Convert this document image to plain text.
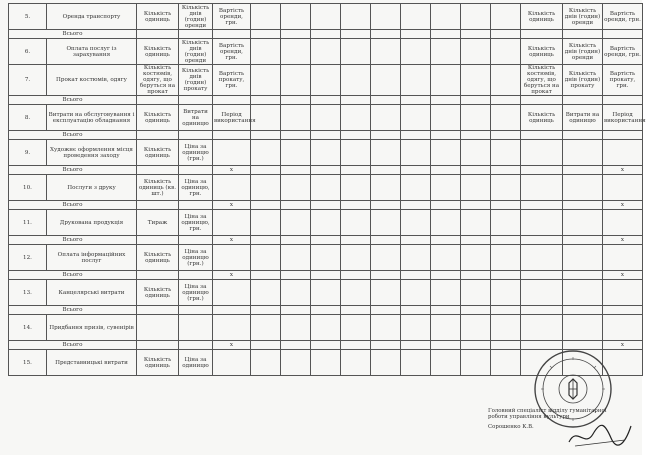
5.	Оренда транспорту	Кількість одиниць	Кількість днів (годин) оренди	Вартість оренди, грн.										Кількість одиниць	Кількість днів (годин) оренди	Вартість оренди, грн.
Всього																
6.	Оплата послуг із зарахування	Кількість одиниць	Кількість днів (годин) оренди	Вартість оренди, грн.										Кількість одиниць	Кількість днів (годин) оренди	Вартість оренди, грн.
7.	Прокат костюмів, одягу	Кількість костюмів, одягу, що беруться на прокат	Кількість днів (годин) прокату	Вартість прокату, грн.										Кількість костюмів, одягу, що беруться на прокат	Кількість днів (годин) прокату	Вартість прокату, грн.
Всього																
8.	Витрати на обслуговування і експлуатацію обладнання	Кількість одиниць	Витрати на одиницю	Період використання										Кількість одиниць	Витрати на одиницю	Період використання
Всього																
9.	Художнє оформлення місця проведення заходу	Кількість одиниць	Ціна за одиницю (грн.)													
Всього				x												x
10.	Послуги з друку	Кількість одиниць (кв. шт.)	Ціна за одиницю, грн.													
Всього				x												x
11.	Друкована продукція	Тираж	Ціна за одиницю, грн.													
Всього				x												x
12.	Оплата інформаційних послуг	Кількість одиниць	Ціна за одиницю (грн.)													
Всього				x												x
13.	Канцелярські витрати	Кількість одиниць	Ціна за одиницю (грн.)													
Всього																
14.	Придбання призів, сувенірів															
Всього				x												x
15.	Представницькі витрати	Кількість одиниць	Ціна за одиницю													
Головний спеціаліст відділу гуманітарної
роботи управління культури
Сорошенко К.В.
